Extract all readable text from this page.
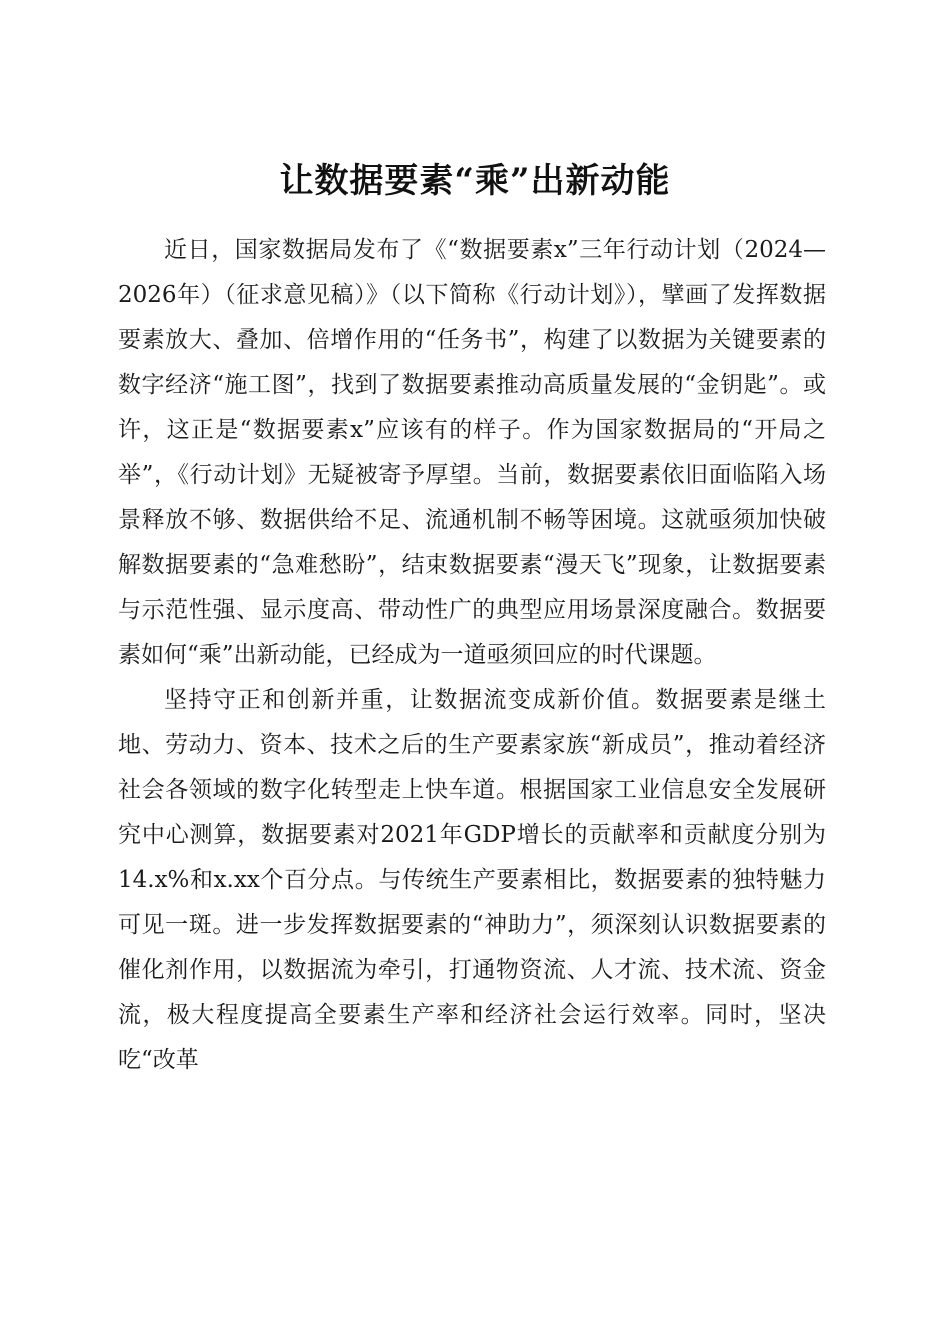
让数据要素“乘”出新动能

近日，国家数据局发布了《“数据要素x”三年行动计划（2024—2026年）（征求意见稿）》（以下简称《行动计划》），擘画了发挥数据要素放大、叠加、倍增作用的“任务书”，构建了以数据为关键要素的数字经济“施工图”，找到了数据要素推动高质量发展的“金钥匙”。或许，这正是“数据要素x”应该有的样子。作为国家数据局的“开局之举”，《行动计划》无疑被寄予厚望。当前，数据要素依旧面临陷入场景释放不够、数据供给不足、流通机制不畅等困境。这就亟须加快破解数据要素的“急难愁盼”，结束数据要素“漫天飞”现象，让数据要素与示范性强、显示度高、带动性广的典型应用场景深度融合。数据要素如何“乘”出新动能，已经成为一道亟须回应的时代课题。

坚持守正和创新并重，让数据流变成新价值。数据要素是继土地、劳动力、资本、技术之后的生产要素家族“新成员”，推动着经济社会各领域的数字化转型走上快车道。根据国家工业信息安全发展研究中心测算，数据要素对2021年GDP增长的贡献率和贡献度分别为14.x%和x.xx个百分点。与传统生产要素相比，数据要素的独特魅力可见一斑。进一步发挥数据要素的“神助力”，须深刻认识数据要素的催化剂作用，以数据流为牵引，打通物资流、人才流、技术流、资金流，极大程度提高全要素生产率和经济社会运行效率。同时，坚决吃“改革
